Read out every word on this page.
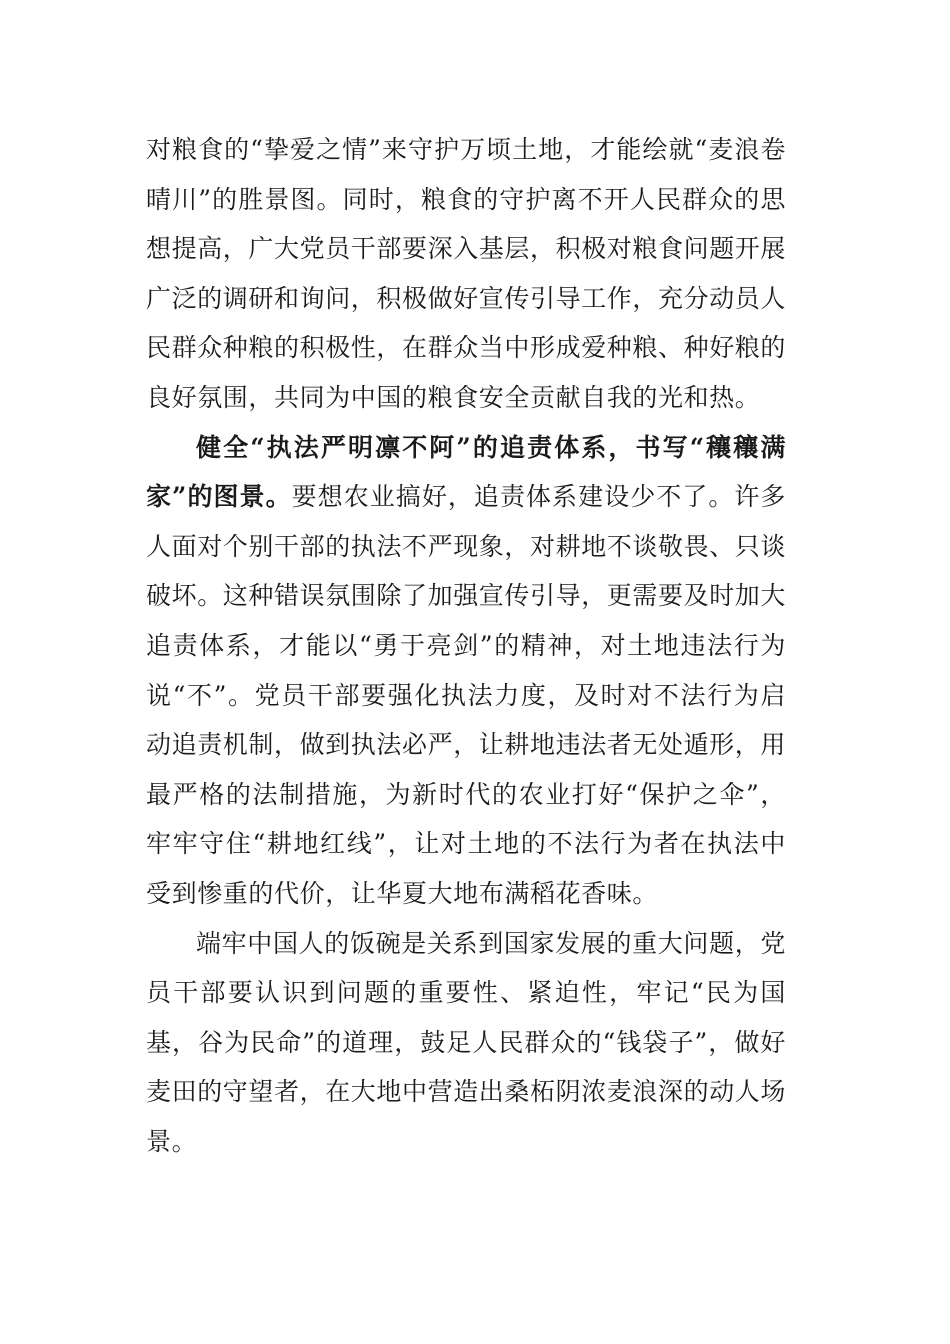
对粮食的“挚爱之情”来守护万顷土地，才能绘就“麦浪卷晴川”的胜景图。同时，粮食的守护离不开人民群众的思想提高，广大党员干部要深入基层，积极对粮食问题开展广泛的调研和询问，积极做好宣传引导工作，充分动员人民群众种粮的积极性，在群众当中形成爱种粮、种好粮的良好氛围，共同为中国的粮食安全贡献自我的光和热。

健全“执法严明凛不阿”的追责体系，书写“穰穰满家”的图景。要想农业搞好，追责体系建设少不了。许多人面对个别干部的执法不严现象，对耕地不谈敬畏、只谈破坏。这种错误氛围除了加强宣传引导，更需要及时加大追责体系，才能以“勇于亮剑”的精神，对土地违法行为说“不”。党员干部要强化执法力度，及时对不法行为启动追责机制，做到执法必严，让耕地违法者无处遁形，用最严格的法制措施，为新时代的农业打好“保护之伞”，牢牢守住“耕地红线”，让对土地的不法行为者在执法中受到惨重的代价，让华夏大地布满稻花香味。

端牢中国人的饭碗是关系到国家发展的重大问题，党员干部要认识到问题的重要性、紧迫性，牢记“民为国基，谷为民命”的道理，鼓足人民群众的“钱袋子”，做好麦田的守望者，在大地中营造出桑柘阴浓麦浪深的动人场景。
